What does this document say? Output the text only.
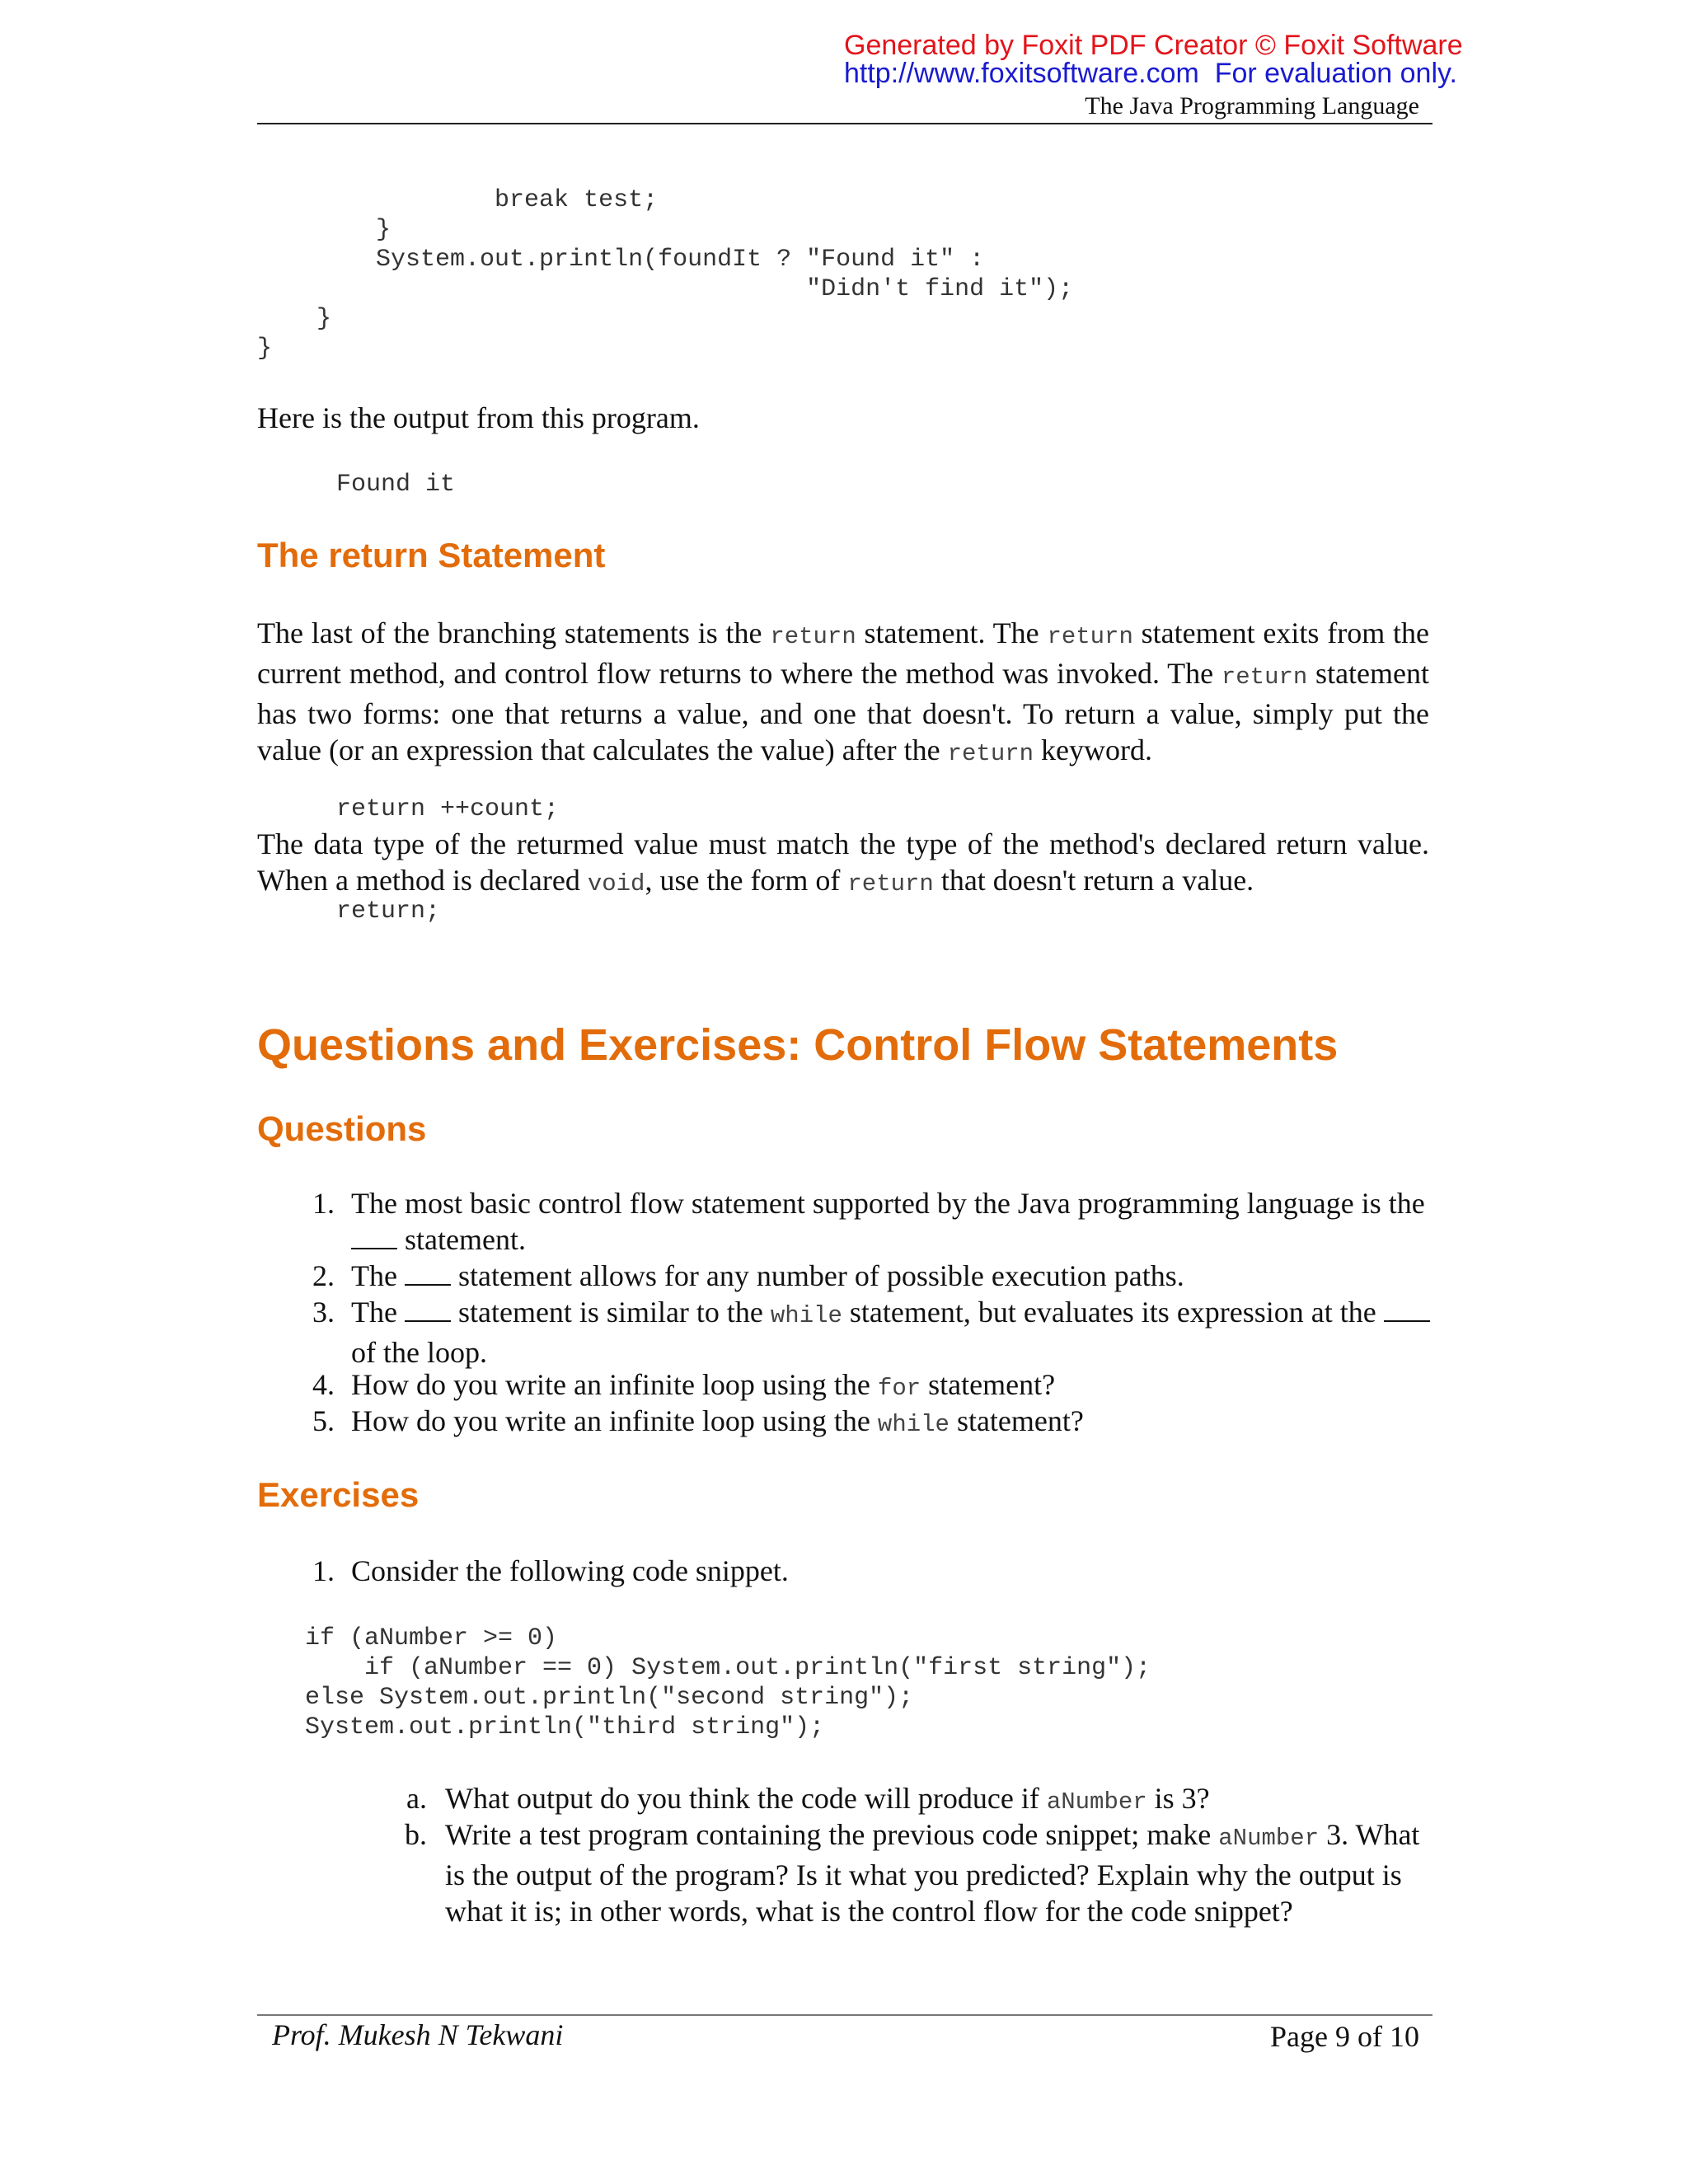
Generated by Foxit PDF Creator © Foxit Software
http://www.foxitsoftware.com For evaluation only.
The Java Programming Language
break test;
}
System.out.println(foundIt ? "Found it" :
"Didn't find it");
}
}
Here is the output from this program.
Found it
The return Statement
The last of the branching statements is the return statement. The return statement exits from the current method, and control flow returns to where the method was invoked. The return statement has two forms: one that returns a value, and one that doesn't. To return a value, simply put the value (or an expression that calculates the value) after the return keyword.
return ++count;
The data type of the returmed value must match the type of the method's declared return value. When a method is declared void, use the form of return that doesn't return a value.
return;
Questions and Exercises: Control Flow Statements
Questions
1. The most basic control flow statement supported by the Java programming language is the  statement.
2. The  statement allows for any number of possible execution paths.
3. The  statement is similar to the while statement, but evaluates its expression at the  of the loop.
4. How do you write an infinite loop using the for statement?
5. How do you write an infinite loop using the while statement?
Exercises
1. Consider the following code snippet.
if (aNumber >= 0)
if (aNumber == 0) System.out.println("first string");
else System.out.println("second string");
System.out.println("third string");
a. What output do you think the code will produce if aNumber is 3?
b. Write a test program containing the previous code snippet; make aNumber 3. What is the output of the program? Is it what you predicted? Explain why the output is what it is; in other words, what is the control flow for the code snippet?
Prof. Mukesh N Tekwani	Page 9 of 10
